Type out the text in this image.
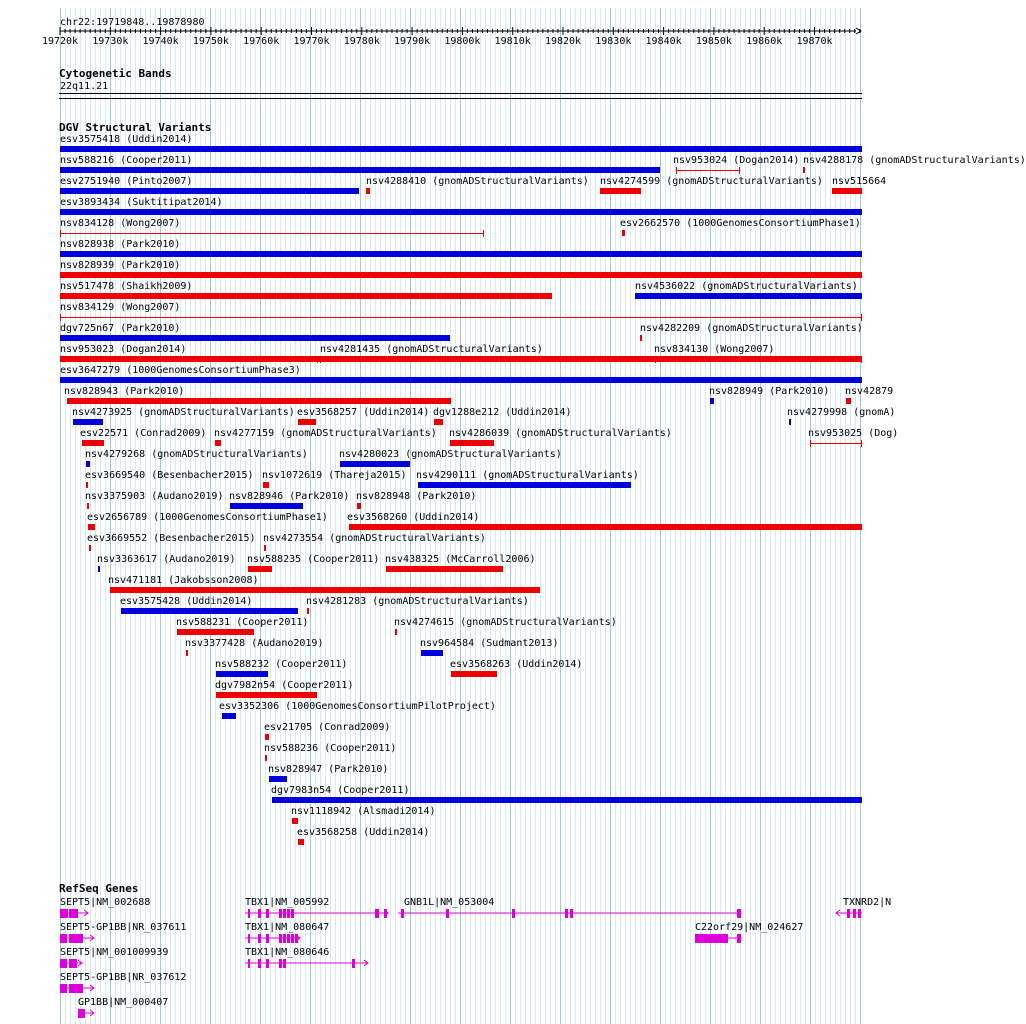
chr22:19719848..19878980
19720k 19730k 19740k 19750k 19760k 19770k 19780k 19790k 19800k 19810k 19820k 19830k 19840k 19850k 19860k 19870k
Cytogenetic Bands
22q11.21
DGV Structural Variants
esv3575418 (Uddin2014)
nsv588216 (Cooper2011)	nsv953024 (Dogan2014) nsv4288178 (gnomADStructuralVariants)
esv2751940 (Pinto2007)	nsv4288410 (gnomADStructuralVariants) nsv4274599 (gnomADStructuralVariants) nsv515664
esv3893434 (Suktitipat2014)
nsv834128 (Wong2007)	esv2662570 (1000GenomesConsortiumPhase1)
nsv828938 (Park2010)
nsv828939 (Park2010)
nsv517478 (Shaikh2009)	nsv4536022 (gnomADStructuralVariants)
nsv834129 (Wong2007)
dgv725n67 (Park2010)	nsv4282209 (gnomADStructuralVariants)
nsv953023 (Dogan2014)	nsv4281435 (gnomADStructuralVariants)	nsv834130 (Wong2007)
esv3647279 (1000GenomesConsortiumPhase3)
nsv828943 (Park2010)	nsv828949 (Park2010) nsv42879
nsv4273925 (gnomADStructuralVariants) esv3568257 (Uddin2014) dgv1288e212 (Uddin2014)	nsv4279998 (gnomA)
esv22571 (Conrad2009) nsv4277159 (gnomADStructuralVariants) nsv4286039 (gnomADStructuralVariants)	nsv953025 (Dog)
nsv4279268 (gnomADStructuralVariants)	nsv4280023 (gnomADStructuralVariants)
esv3669540 (Besenbacher2015) nsv1072619 (Thareja2015) nsv4290111 (gnomADStructuralVariants)
nsv3375903 (Audano2019) nsv828946 (Park2010) nsv828948 (Park2010)
esv2656789 (1000GenomesConsortiumPhase1) esv3568260 (Uddin2014)
esv3669552 (Besenbacher2015) nsv4273554 (gnomADStructuralVariants)
nsv3363617 (Audano2019) nsv588235 (Cooper2011) nsv438325 (McCarroll2006)
nsv471181 (Jakobsson2008)
esv3575428 (Uddin2014)	nsv4281283 (gnomADStructuralVariants)
nsv588231 (Cooper2011)	nsv4274615 (gnomADStructuralVariants)
nsv3377428 (Audano2019)	nsv964584 (Sudmant2013)
nsv588232 (Cooper2011)	esv3568263 (Uddin2014)
dgv7982n54 (Cooper2011)
esv3352306 (1000GenomesConsortiumPilotProject)
esv21705 (Conrad2009)
nsv588236 (Cooper2011)
nsv828947 (Park2010)
dgv7983n54 (Cooper2011)
nsv1118942 (Alsmadi2014)
esv3568258 (Uddin2014)
RefSeq Genes
SEPT5|NM_002688	TBX1|NM_005992	GNB1L|NM_053004	TXNRD2|N
SEPT5-GP1BB|NR_037611	TBX1|NM_080647	C22orf29|NM_024627
SEPT5|NM_001009939	TBX1|NM_080646
SEPT5-GP1BB|NR_037612
GP1BB|NM_000407
